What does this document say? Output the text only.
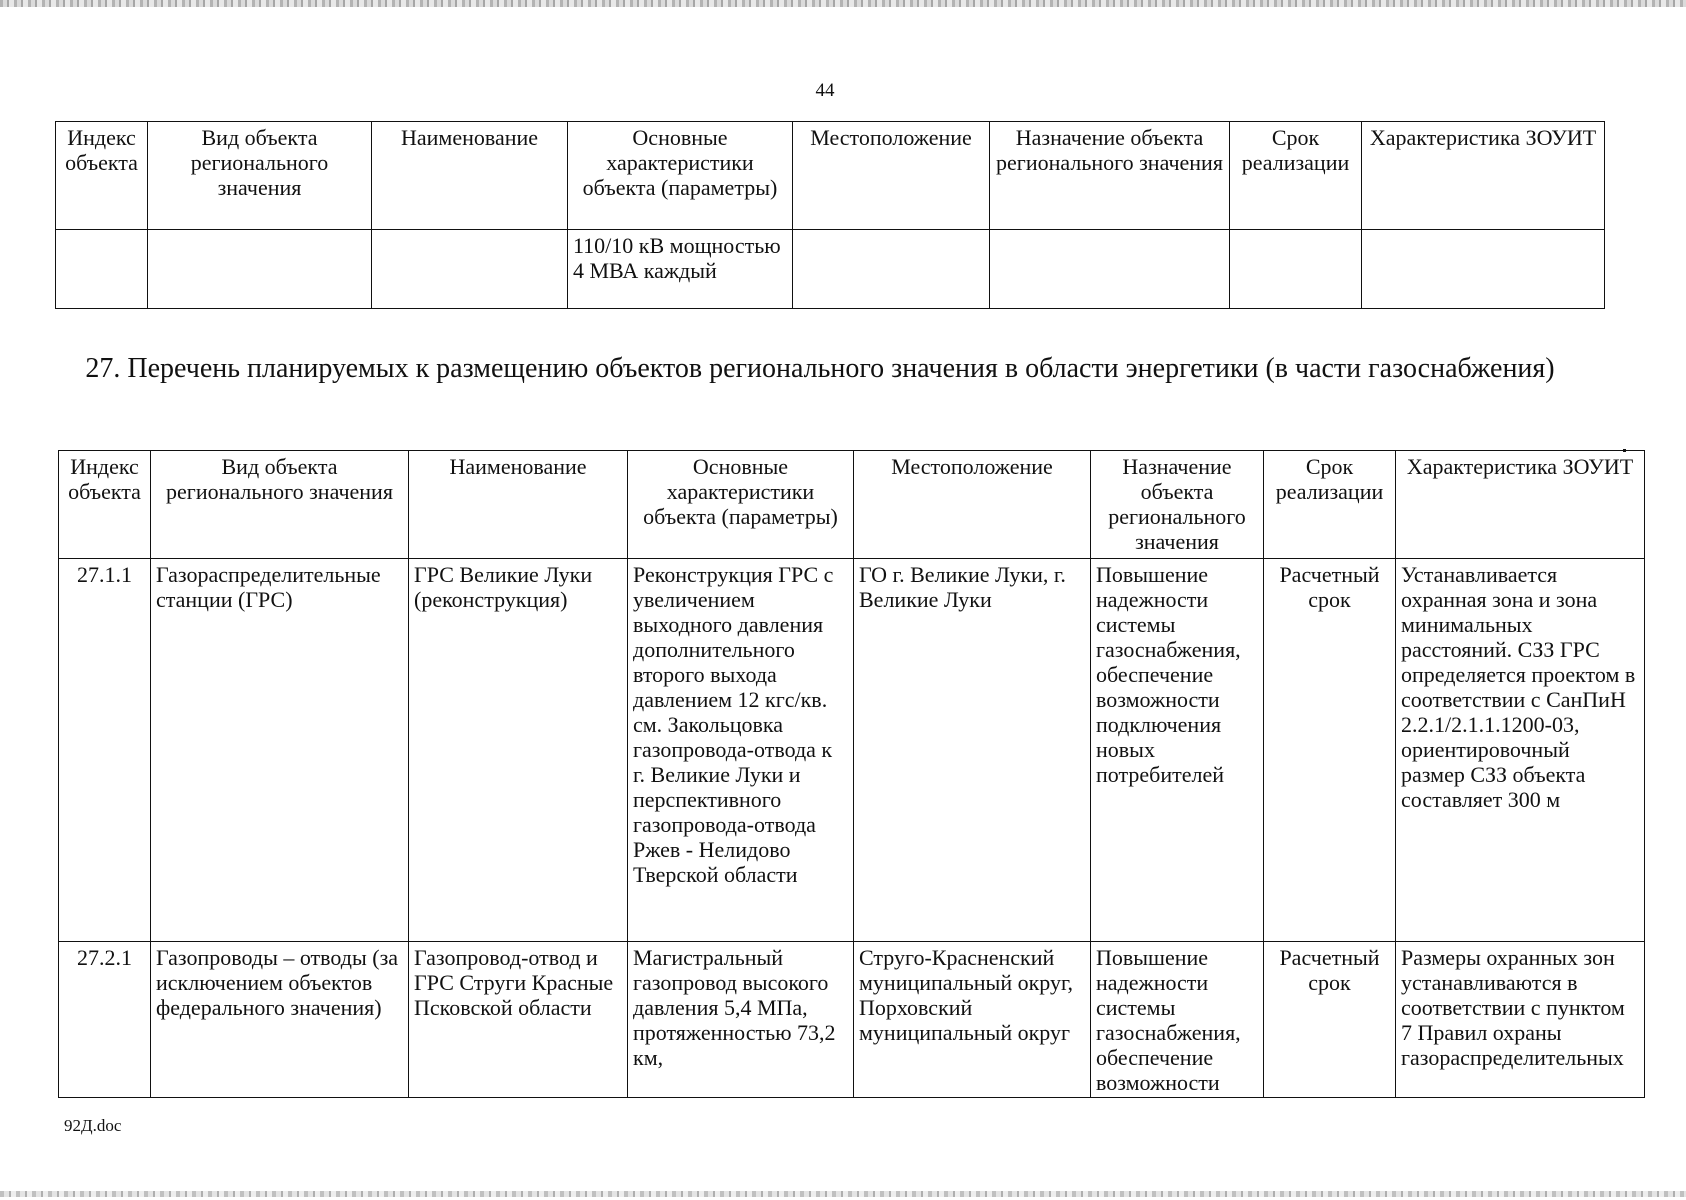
44
Индекс объекта	Вид объекта регионального значения	Наименование	Основные характеристики объекта (параметры)	Местоположение	Назначение объекта регионального значения	Срок реализации	Характеристика ЗОУИТ
			110/10 кВ мощностью 4 МВА каждый				
27. Перечень планируемых к размещению объектов регионального значения в области энергетики (в части газоснабжения)
Индекс объекта	Вид объекта регионального значения	Наименование	Основные характеристики объекта (параметры)	Местоположение	Назначение объекта регионального значения	Срок реализации	Характеристика ЗОУИТ
27.1.1	Газораспределительные станции (ГРС)	ГРС Великие Луки (реконструкция)	Реконструкция ГРС с увеличением выходного давления дополнительного второго выхода давлением 12 кгс/кв. см. Закольцовка газопровода-отвода к г. Великие Луки и перспективного газопровода-отвода Ржев - Нелидово Тверской области	ГО г. Великие Луки, г. Великие Луки	Повышение надежности системы газоснабжения, обеспечение возможности подключения новых потребителей	Расчетный срок	Устанавливается охранная зона и зона минимальных расстояний. СЗЗ ГРС определяется проектом в соответствии с СанПиН 2.2.1/2.1.1.1200-03, ориентировочный размер СЗЗ объекта составляет 300 м
27.2.1	Газопроводы – отводы (за исключением объектов федерального значения)	Газопровод-отвод и ГРС Струги Красные Псковской области	Магистральный газопровод высокого давления 5,4 МПа, протяженностью 73,2 км,	Струго-Красненский муниципальный округ, Порховский муниципальный округ	Повышение надежности системы газоснабжения, обеспечение возможности	Расчетный срок	Размеры охранных зон устанавливаются в соответствии с пунктом 7 Правил охраны газораспределительных
92Д.doc
